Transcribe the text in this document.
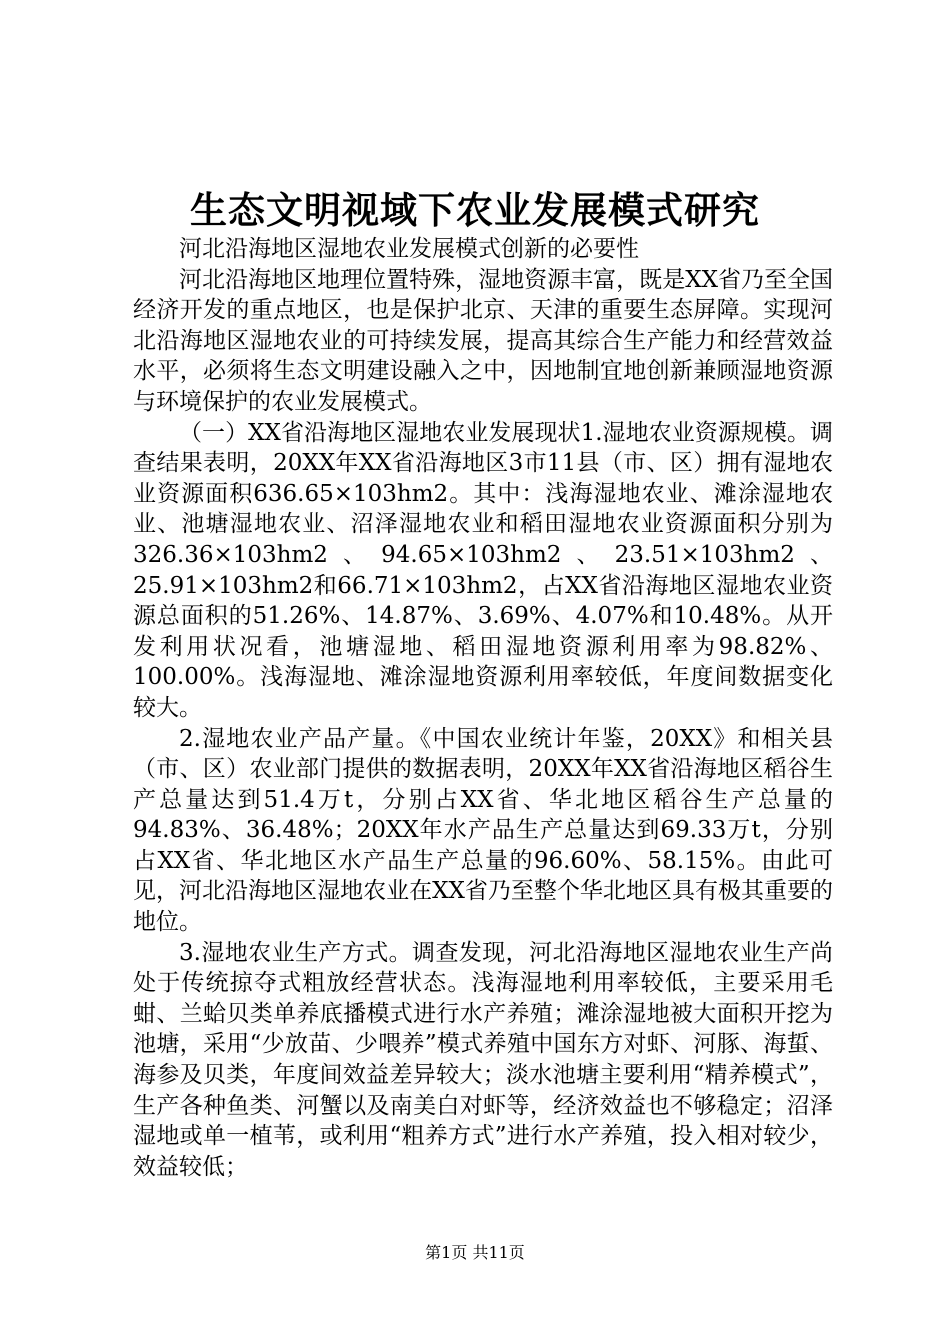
生态文明视域下农业发展模式研究

河北沿海地区湿地农业发展模式创新的必要性

河北沿海地区地理位置特殊，湿地资源丰富，既是XX省乃至全国经济开发的重点地区，也是保护北京、天津的重要生态屏障。实现河北沿海地区湿地农业的可持续发展，提高其综合生产能力和经营效益水平，必须将生态文明建设融入之中，因地制宜地创新兼顾湿地资源与环境保护的农业发展模式。

（一）XX省沿海地区湿地农业发展现状1.湿地农业资源规模。调查结果表明，20XX年XX省沿海地区3市11县（市、区）拥有湿地农业资源面积636.65×103hm2。其中：浅海湿地农业、滩涂湿地农业、池塘湿地农业、沼泽湿地农业和稻田湿地农业资源面积分别为326.36×103hm2、94.65×103hm2、23.51×103hm2、25.91×103hm2和66.71×103hm2，占XX省沿海地区湿地农业资源总面积的51.26%、14.87%、3.69%、4.07%和10.48%。从开发利用状况看，池塘湿地、稻田湿地资源利用率为98.82%、100.00%。浅海湿地、滩涂湿地资源利用率较低，年度间数据变化较大。

2.湿地农业产品产量。《中国农业统计年鉴，20XX》和相关县（市、区）农业部门提供的数据表明，20XX年XX省沿海地区稻谷生产总量达到51.4万t，分别占XX省、华北地区稻谷生产总量的94.83%、36.48%；20XX年水产品生产总量达到69.33万t，分别占XX省、华北地区水产品生产总量的96.60%、58.15%。由此可见，河北沿海地区湿地农业在XX省乃至整个华北地区具有极其重要的地位。

3.湿地农业生产方式。调查发现，河北沿海地区湿地农业生产尚处于传统掠夺式粗放经营状态。浅海湿地利用率较低，主要采用毛蚶、兰蛤贝类单养底播模式进行水产养殖；滩涂湿地被大面积开挖为池塘，采用“少放苗、少喂养”模式养殖中国东方对虾、河豚、海蜇、海参及贝类，年度间效益差异较大；淡水池塘主要利用“精养模式”，生产各种鱼类、河蟹以及南美白对虾等，经济效益也不够稳定；沼泽湿地或单一植苇，或利用“粗养方式”进行水产养殖，投入相对较少，效益较低；

第1页 共11页
